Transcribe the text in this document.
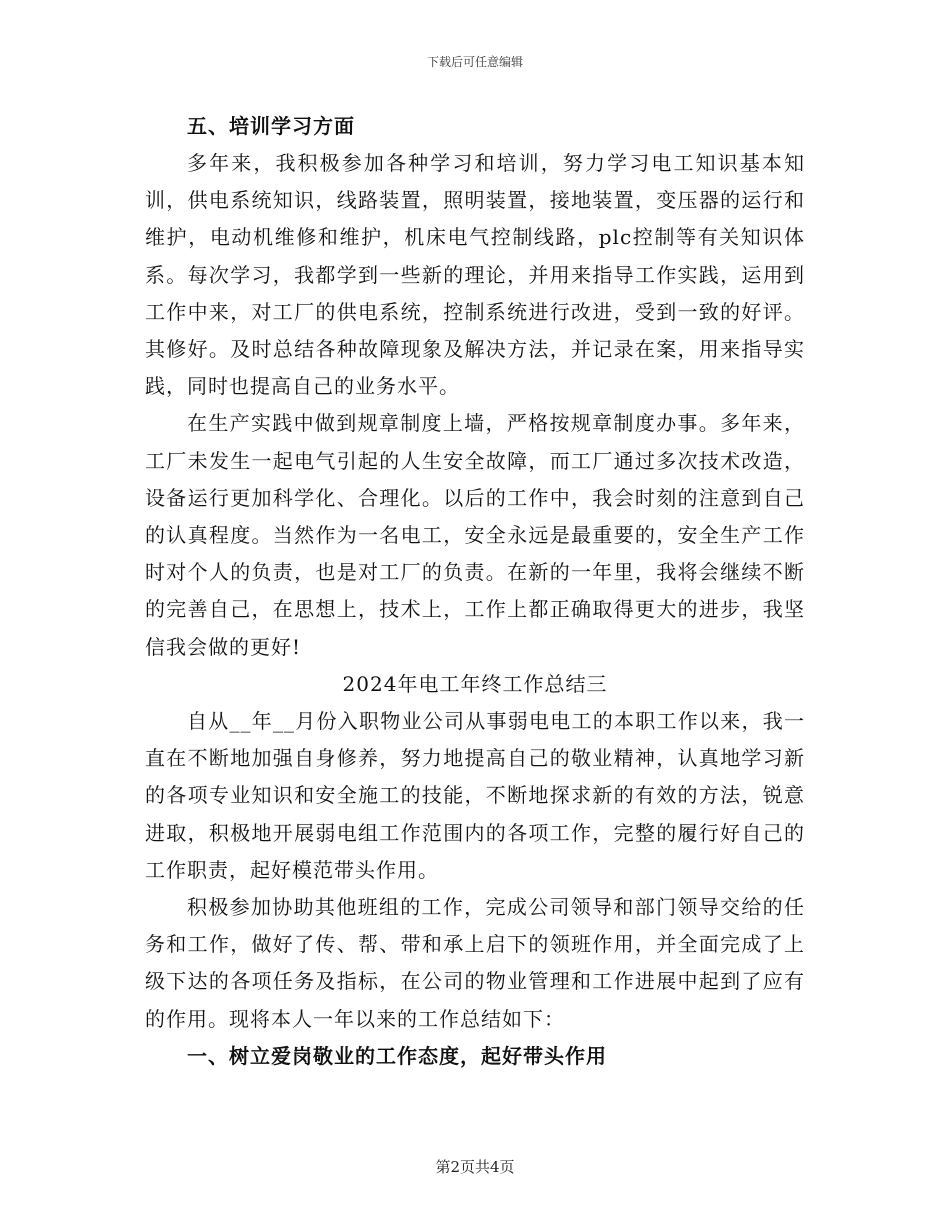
下载后可任意编辑
五、培训学习方面

多年来，我积极参加各种学习和培训，努力学习电工知识基本知训，供电系统知识，线路装置，照明装置，接地装置，变压器的运行和维护，电动机维修和维护，机床电气控制线路，plc控制等有关知识体系。每次学习，我都学到一些新的理论，并用来指导工作实践，运用到工作中来，对工厂的供电系统，控制系统进行改进，受到一致的好评。其修好。及时总结各种故障现象及解决方法，并记录在案，用来指导实践，同时也提高自己的业务水平。

在生产实践中做到规章制度上墙，严格按规章制度办事。多年来，工厂未发生一起电气引起的人生安全故障，而工厂通过多次技术改造，设备运行更加科学化、合理化。以后的工作中，我会时刻的注意到自己的认真程度。当然作为一名电工，安全永远是最重要的，安全生产工作时对个人的负责，也是对工厂的负责。在新的一年里，我将会继续不断的完善自己，在思想上，技术上，工作上都正确取得更大的进步，我坚信我会做的更好!

2024年电工年终工作总结三

自从__年__月份入职物业公司从事弱电电工的本职工作以来，我一直在不断地加强自身修养，努力地提高自己的敬业精神，认真地学习新的各项专业知识和安全施工的技能，不断地探求新的有效的方法，锐意进取，积极地开展弱电组工作范围内的各项工作，完整的履行好自己的工作职责，起好模范带头作用。

积极参加协助其他班组的工作，完成公司领导和部门领导交给的任务和工作，做好了传、帮、带和承上启下的领班作用，并全面完成了上级下达的各项任务及指标，在公司的物业管理和工作进展中起到了应有的作用。现将本人一年以来的工作总结如下：

一、树立爱岗敬业的工作态度，起好带头作用
第2页共4页
